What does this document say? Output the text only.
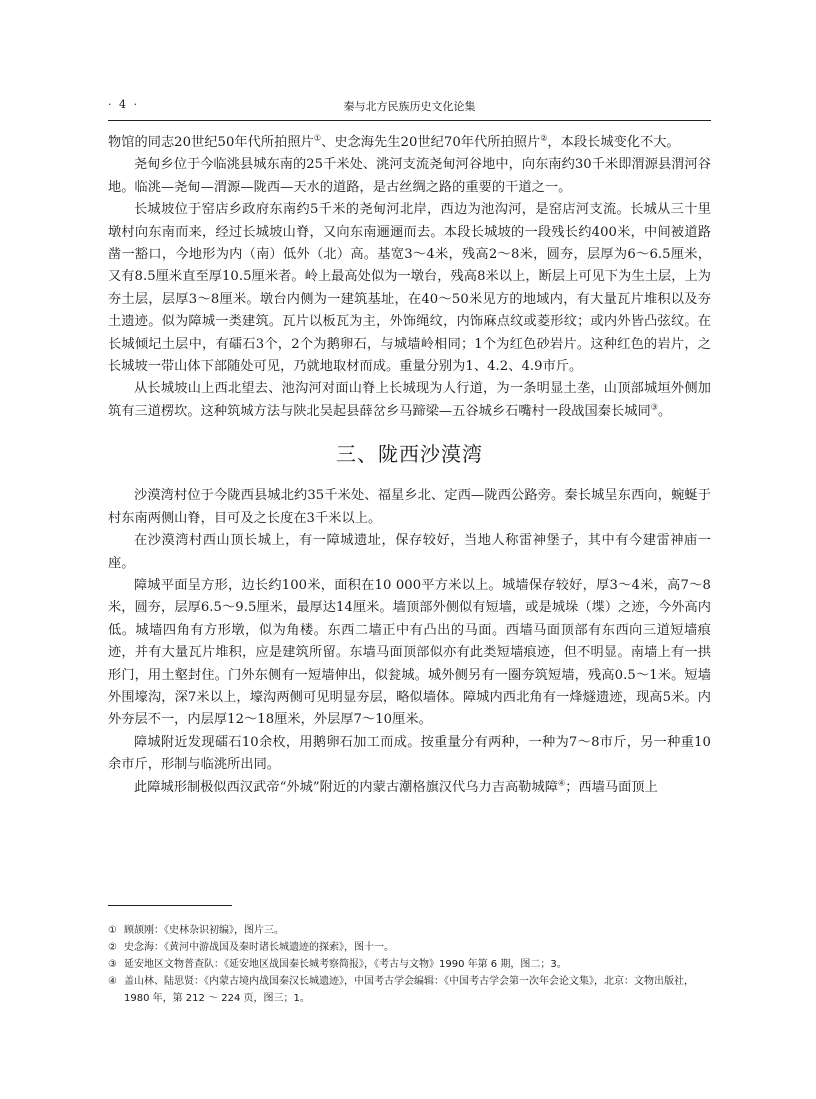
· 4 ·	秦与北方民族历史文化论集

物馆的同志20世纪50年代所拍照片①、史念海先生20世纪70年代所拍照片②，本段长城变化不大。

尧甸乡位于今临洮县城东南的25千米处、洮河支流尧甸河谷地中，向东南约30千米即渭源县渭河谷地。临洮—尧甸—渭源—陇西—天水的道路，是古丝绸之路的重要的干道之一。

长城坡位于窑店乡政府东南约5千米的尧甸河北岸，西边为池沟河，是窑店河支流。长城从三十里墩村向东南而来，经过长城坡山脊，又向东南逦逦而去。本段长城坡的一段残长约400米，中间被道路凿一豁口，今地形为内（南）低外（北）高。基宽3～4米，残高2～8米，圆夯，层厚为6～6.5厘米，又有8.5厘米直至厚10.5厘米者。岭上最高处似为一墩台，残高8米以上，断层上可见下为生土层，上为夯土层，层厚3～8厘米。墩台内侧为一建筑基址，在40～50米见方的地域内，有大量瓦片堆积以及夯土遗迹。似为障城一类建筑。瓦片以板瓦为主，外饰绳纹，内饰麻点纹或菱形纹；或内外皆凸弦纹。在长城倾圮土层中，有礌石3个，2个为鹅卵石，与城墙岭相同；1个为红色砂岩片。这种红色的岩片，之长城坡一带山体下部随处可见，乃就地取材而成。重量分别为1、4.2、4.9市斤。

从长城坡山上西北望去、池沟河对面山脊上长城现为人行道，为一条明显土垄，山顶部城垣外侧加筑有三道楞坎。这种筑城方法与陕北吴起县薛岔乡马蹄梁—五谷城乡石嘴村一段战国秦长城同③。

三、陇西沙漠湾

沙漠湾村位于今陇西县城北约35千米处、福星乡北、定西—陇西公路旁。秦长城呈东西向，蜿蜒于村东南两侧山脊，目可及之长度在3千米以上。

在沙漠湾村西山顶长城上，有一障城遗址，保存较好，当地人称雷神堡子，其中有今建雷神庙一座。

障城平面呈方形，边长约100米，面积在10 000平方米以上。城墙保存较好，厚3～4米，高7～8米，圆夯，层厚6.5～9.5厘米，最厚达14厘米。墙顶部外侧似有短墙，或是城垛（堞）之迹，今外高内低。城墙四角有方形墩，似为角楼。东西二墙正中有凸出的马面。西墙马面顶部有东西向三道短墙痕迹，并有大量瓦片堆积，应是建筑所留。东墙马面顶部似亦有此类短墙痕迹，但不明显。南墙上有一拱形门，用土壑封住。门外东侧有一短墙伸出，似瓮城。城外侧另有一圈夯筑短墙，残高0.5～1米。短墙外围壕沟，深7米以上，壕沟两侧可见明显夯层，略似墙体。障城内西北角有一烽燧遗迹，现高5米。内外夯层不一，内层厚12～18厘米，外层厚7～10厘米。

障城附近发现礌石10余枚，用鹅卵石加工而成。按重量分有两种，一种为7～8市斤，另一种重10余市斤，形制与临洮所出同。

此障城形制极似西汉武帝“外城”附近的内蒙古潮格旗汉代乌力吉高勒城障④；西墙马面顶上

① 顾颉刚：《史林杂识初编》，图片三。

② 史念海：《黄河中游战国及秦时诸长城遗迹的探索》，图十一。

③ 延安地区文物普查队：《延安地区战国秦长城考察简报》，《考古与文物》1990 年第 6 期，图二；3。

④ 盖山林、陆思贤：《内蒙古境内战国秦汉长城遗迹》，中国考古学会编辑：《中国考古学会第一次年会论文集》，北京：文物出版社，1980 年，第 212 ～ 224 页，图三；1。
